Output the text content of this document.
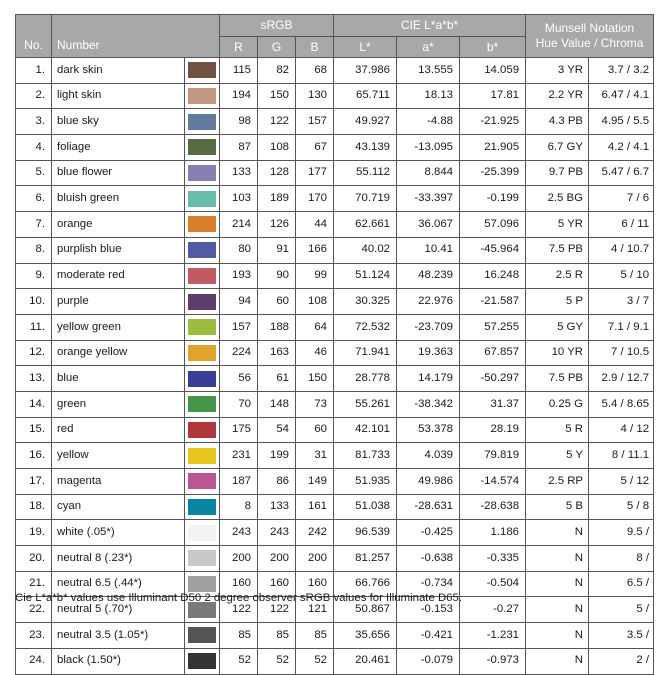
No.	Number		sRGB			CIE L*a*b*			Munsell Notation
Hue Value / Chroma	

			R	G	B	L*	a*	b*		
1.	dark skin		115	82	68	37.986	13.555	14.059	3 YR	3.7 / 3.2
2.	light skin		194	150	130	65.711	18.13	17.81	2.2 YR	6.47 / 4.1
3.	blue sky		98	122	157	49.927	-4.88	-21.925	4.3 PB	4.95 / 5.5
4.	foliage		87	108	67	43.139	-13.095	21.905	6.7 GY	4.2 / 4.1
5.	blue flower		133	128	177	55.112	8.844	-25.399	9.7 PB	5.47 / 6.7
6.	bluish green		103	189	170	70.719	-33.397	-0.199	2.5 BG	7 / 6
7.	orange		214	126	44	62.661	36.067	57.096	5 YR	6 / 11
8.	purplish blue		80	91	166	40.02	10.41	-45.964	7.5 PB	4 / 10.7
9.	moderate red		193	90	99	51.124	48.239	16.248	2.5 R	5 / 10
10.	purple		94	60	108	30.325	22.976	-21.587	5 P	3 / 7
11.	yellow green		157	188	64	72.532	-23.709	57.255	5 GY	7.1 / 9.1
12.	orange yellow		224	163	46	71.941	19.363	67.857	10 YR	7 / 10.5
13.	blue		56	61	150	28.778	14.179	-50.297	7.5 PB	2.9 / 12.7
14.	green		70	148	73	55.261	-38.342	31.37	0.25 G	5.4 / 8.65
15.	red		175	54	60	42.101	53.378	28.19	5 R	4 / 12
16.	yellow		231	199	31	81.733	4.039	79.819	5 Y	8 / 11.1
17.	magenta		187	86	149	51.935	49.986	-14.574	2.5 RP	5 / 12
18.	cyan		8	133	161	51.038	-28.631	-28.638	5 B	5 / 8
19.	white (.05*)		243	243	242	96.539	-0.425	1.186	N	9.5 /
20.	neutral 8 (.23*)		200	200	200	81.257	-0.638	-0.335	N	8 /
21.	neutral 6.5 (.44*)		160	160	160	66.766	-0.734	-0.504	N	6.5 /
22.	neutral 5 (.70*)		122	122	121	50.867	-0.153	-0.27	N	5 /
23.	neutral 3.5 (1.05*)		85	85	85	35.656	-0.421	-1.231	N	3.5 /
24.	black (1.50*)		52	52	52	20.461	-0.079	-0.973	N	2 /
Cie L*a*b* values use Illuminant D50 2 degree observer sRGB values for Illuminate D65.
